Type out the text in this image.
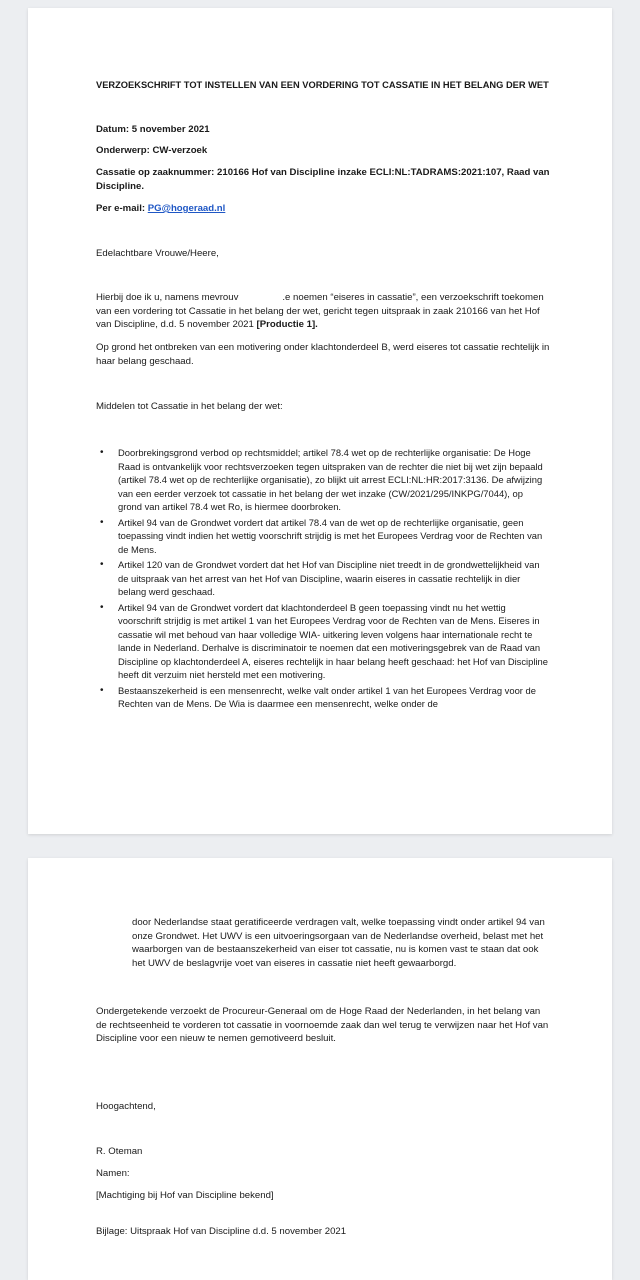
VERZOEKSCHRIFT TOT INSTELLEN VAN EEN VORDERING TOT CASSATIE IN HET BELANG DER WET

Datum: 5 november 2021

Onderwerp: CW-verzoek

Cassatie op zaaknummer: 210166 Hof van Discipline inzake ECLI:NL:TADRAMS:2021:107, Raad van Discipline.

Per e-mail: PG@hogeraad.nl

Edelachtbare Vrouwe/Heere,

Hierbij doe ik u, namens mevrouv	.e noemen “eiseres in cassatie”, een verzoekschrift toekomen van een vordering tot Cassatie in het belang der wet, gericht tegen uitspraak in zaak 210166 van het Hof van Discipline, d.d. 5 november 2021 [Productie 1].

Op grond het ontbreken van een motivering onder klachtonderdeel B, werd eiseres tot cassatie rechtelijk in haar belang geschaad.

Middelen tot Cassatie in het belang der wet:

• Doorbrekingsgrond verbod op rechtsmiddel; artikel 78.4 wet op de rechterlijke organisatie: De Hoge Raad is ontvankelijk voor rechtsverzoeken tegen uitspraken van de rechter die niet bij wet zijn bepaald (artikel 78.4 wet op de rechterlijke organisatie), zo blijkt uit arrest ECLI:NL:HR:2017:3136. De afwijzing van een eerder verzoek tot cassatie in het belang der wet inzake (CW/2021/295/INKPG/7044), op grond van artikel 78.4 wet Ro, is hiermee doorbroken.
• Artikel 94 van de Grondwet vordert dat artikel 78.4 van de wet op de rechterlijke organisatie, geen toepassing vindt indien het wettig voorschrift strijdig is met het Europees Verdrag voor de Rechten van de Mens.
• Artikel 120 van de Grondwet vordert dat het Hof van Discipline niet treedt in de grondwettelijkheid van de uitspraak van het arrest van het Hof van Discipline, waarin eiseres in cassatie rechtelijk in dier belang werd geschaad.
• Artikel 94 van de Grondwet vordert dat klachtonderdeel B geen toepassing vindt nu het wettig voorschrift strijdig is met artikel 1 van het Europees Verdrag voor de Rechten van de Mens. Eiseres in cassatie wil met behoud van haar volledige WIA- uitkering leven volgens haar internationale recht te lande in Nederland. Derhalve is discriminatoir te noemen dat een motiveringsgebrek van de Raad van Discipline op klachtonderdeel A, eiseres rechtelijk in haar belang heeft geschaad: het Hof van Discipline heeft dit verzuim niet hersteld met een motivering.
• Bestaanszekerheid is een mensenrecht, welke valt onder artikel 1 van het Europees Verdrag voor de Rechten van de Mens. De Wia is daarmee een mensenrecht, welke onder de

door Nederlandse staat geratificeerde verdragen valt, welke toepassing vindt onder artikel 94 van onze Grondwet. Het UWV is een uitvoeringsorgaan van de Nederlandse overheid, belast met het waarborgen van de bestaanszekerheid van eiser tot cassatie, nu is komen vast te staan dat ook het UWV de beslagvrije voet van eiseres in cassatie niet heeft gewaarborgd.

Ondergetekende verzoekt de Procureur-Generaal om de Hoge Raad der Nederlanden, in het belang van de rechtseenheid te vorderen tot cassatie in voornoemde zaak dan wel terug te verwijzen naar het Hof van Discipline voor een nieuw te nemen gemotiveerd besluit.

Hoogachtend,

R. Oteman

Namen:

[Machtiging bij Hof van Discipline bekend]

Bijlage: Uitspraak Hof van Discipline d.d. 5 november 2021
